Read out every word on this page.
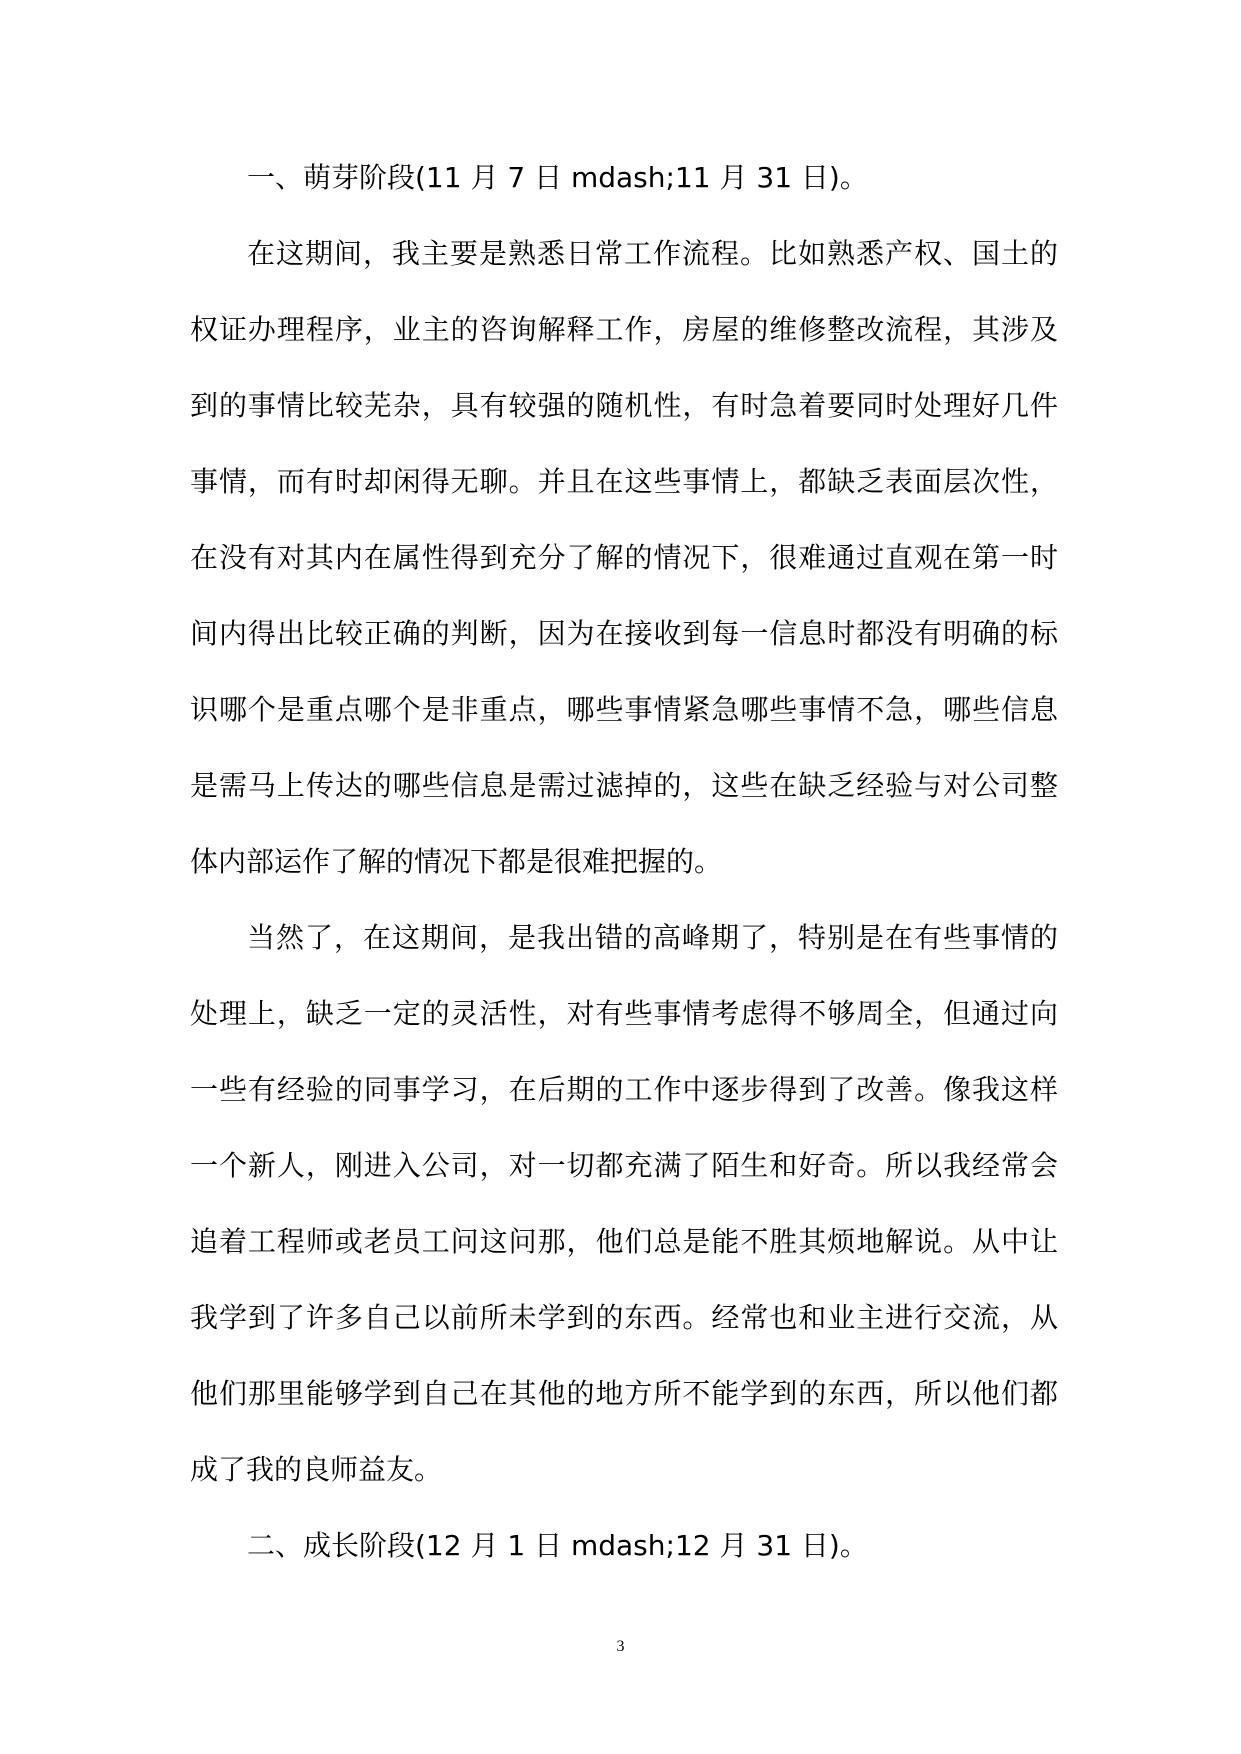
一、萌芽阶段(11 月 7 日 mdash;11 月 31 日)。
在这期间，我主要是熟悉日常工作流程。比如熟悉产权、国土的
权证办理程序，业主的咨询解释工作，房屋的维修整改流程，其涉及
到的事情比较芜杂，具有较强的随机性，有时急着要同时处理好几件
事情，而有时却闲得无聊。并且在这些事情上，都缺乏表面层次性，
在没有对其内在属性得到充分了解的情况下，很难通过直观在第一时
间内得出比较正确的判断，因为在接收到每一信息时都没有明确的标
识哪个是重点哪个是非重点，哪些事情紧急哪些事情不急，哪些信息
是需马上传达的哪些信息是需过滤掉的，这些在缺乏经验与对公司整
体内部运作了解的情况下都是很难把握的。
当然了，在这期间，是我出错的高峰期了，特别是在有些事情的
处理上，缺乏一定的灵活性，对有些事情考虑得不够周全，但通过向
一些有经验的同事学习，在后期的工作中逐步得到了改善。像我这样
一个新人，刚进入公司，对一切都充满了陌生和好奇。所以我经常会
追着工程师或老员工问这问那，他们总是能不胜其烦地解说。从中让
我学到了许多自己以前所未学到的东西。经常也和业主进行交流，从
他们那里能够学到自己在其他的地方所不能学到的东西，所以他们都
成了我的良师益友。
二、成长阶段(12 月 1 日 mdash;12 月 31 日)。
3
